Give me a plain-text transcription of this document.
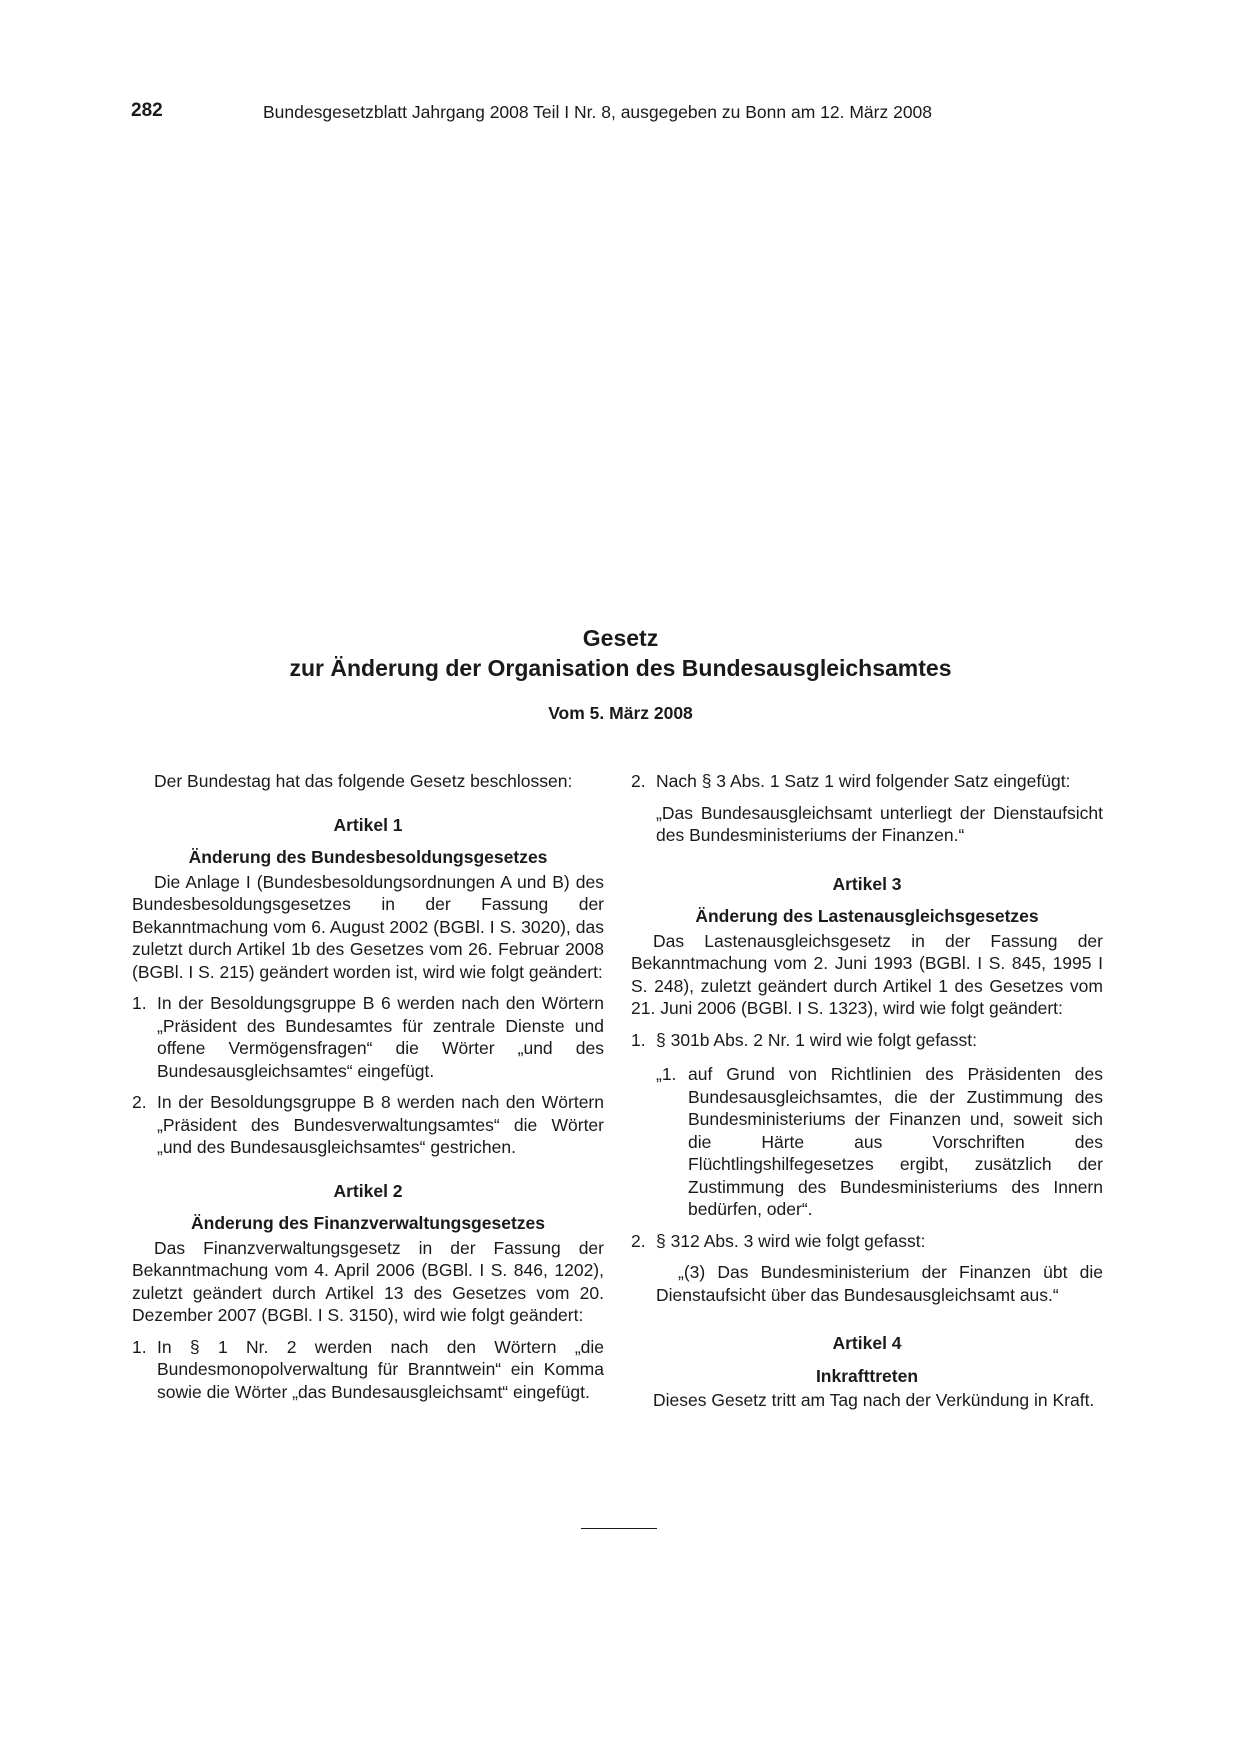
282	Bundesgesetzblatt Jahrgang 2008 Teil I Nr. 8, ausgegeben zu Bonn am 12. März 2008
Gesetz
zur Änderung der Organisation des Bundesausgleichsamtes
Vom 5. März 2008

Der Bundestag hat das folgende Gesetz beschlossen:

Artikel 1
Änderung des Bundesbesoldungsgesetzes

Die Anlage I (Bundesbesoldungsordnungen A und B) des Bundesbesoldungsgesetzes in der Fassung der Bekanntmachung vom 6. August 2002 (BGBl. I S. 3020), das zuletzt durch Artikel 1b des Gesetzes vom 26. Februar 2008 (BGBl. I S. 215) geändert worden ist, wird wie folgt geändert:

1. In der Besoldungsgruppe B 6 werden nach den Wörtern „Präsident des Bundesamtes für zentrale Dienste und offene Vermögensfragen“ die Wörter „und des Bundesausgleichsamtes“ eingefügt.
2. In der Besoldungsgruppe B 8 werden nach den Wörtern „Präsident des Bundesverwaltungsamtes“ die Wörter „und des Bundesausgleichsamtes“ gestrichen.
Artikel 2
Änderung des Finanzverwaltungsgesetzes

Das Finanzverwaltungsgesetz in der Fassung der Bekanntmachung vom 4. April 2006 (BGBl. I S. 846, 1202), zuletzt geändert durch Artikel 13 des Gesetzes vom 20. Dezember 2007 (BGBl. I S. 3150), wird wie folgt geändert:

1. In § 1 Nr. 2 werden nach den Wörtern „die Bundesmonopolverwaltung für Branntwein“ ein Komma sowie die Wörter „das Bundesausgleichsamt“ eingefügt.
2. Nach § 3 Abs. 1 Satz 1 wird folgender Satz eingefügt:
„Das Bundesausgleichsamt unterliegt der Dienstaufsicht des Bundesministeriums der Finanzen.“
Artikel 3
Änderung des Lastenausgleichsgesetzes

Das Lastenausgleichsgesetz in der Fassung der Bekanntmachung vom 2. Juni 1993 (BGBl. I S. 845, 1995 I S. 248), zuletzt geändert durch Artikel 1 des Gesetzes vom 21. Juni 2006 (BGBl. I S. 1323), wird wie folgt geändert:

1. § 301b Abs. 2 Nr. 1 wird wie folgt gefasst:
„1. auf Grund von Richtlinien des Präsidenten des Bundesausgleichsamtes, die der Zustimmung des Bundesministeriums der Finanzen und, soweit sich die Härte aus Vorschriften des Flüchtlingshilfegesetzes ergibt, zusätzlich der Zustimmung des Bundesministeriums des Innern bedürfen, oder“.
2. § 312 Abs. 3 wird wie folgt gefasst:
„(3) Das Bundesministerium der Finanzen übt die Dienstaufsicht über das Bundesausgleichsamt aus.“
Artikel 4
Inkrafttreten

Dieses Gesetz tritt am Tag nach der Verkündung in Kraft.
